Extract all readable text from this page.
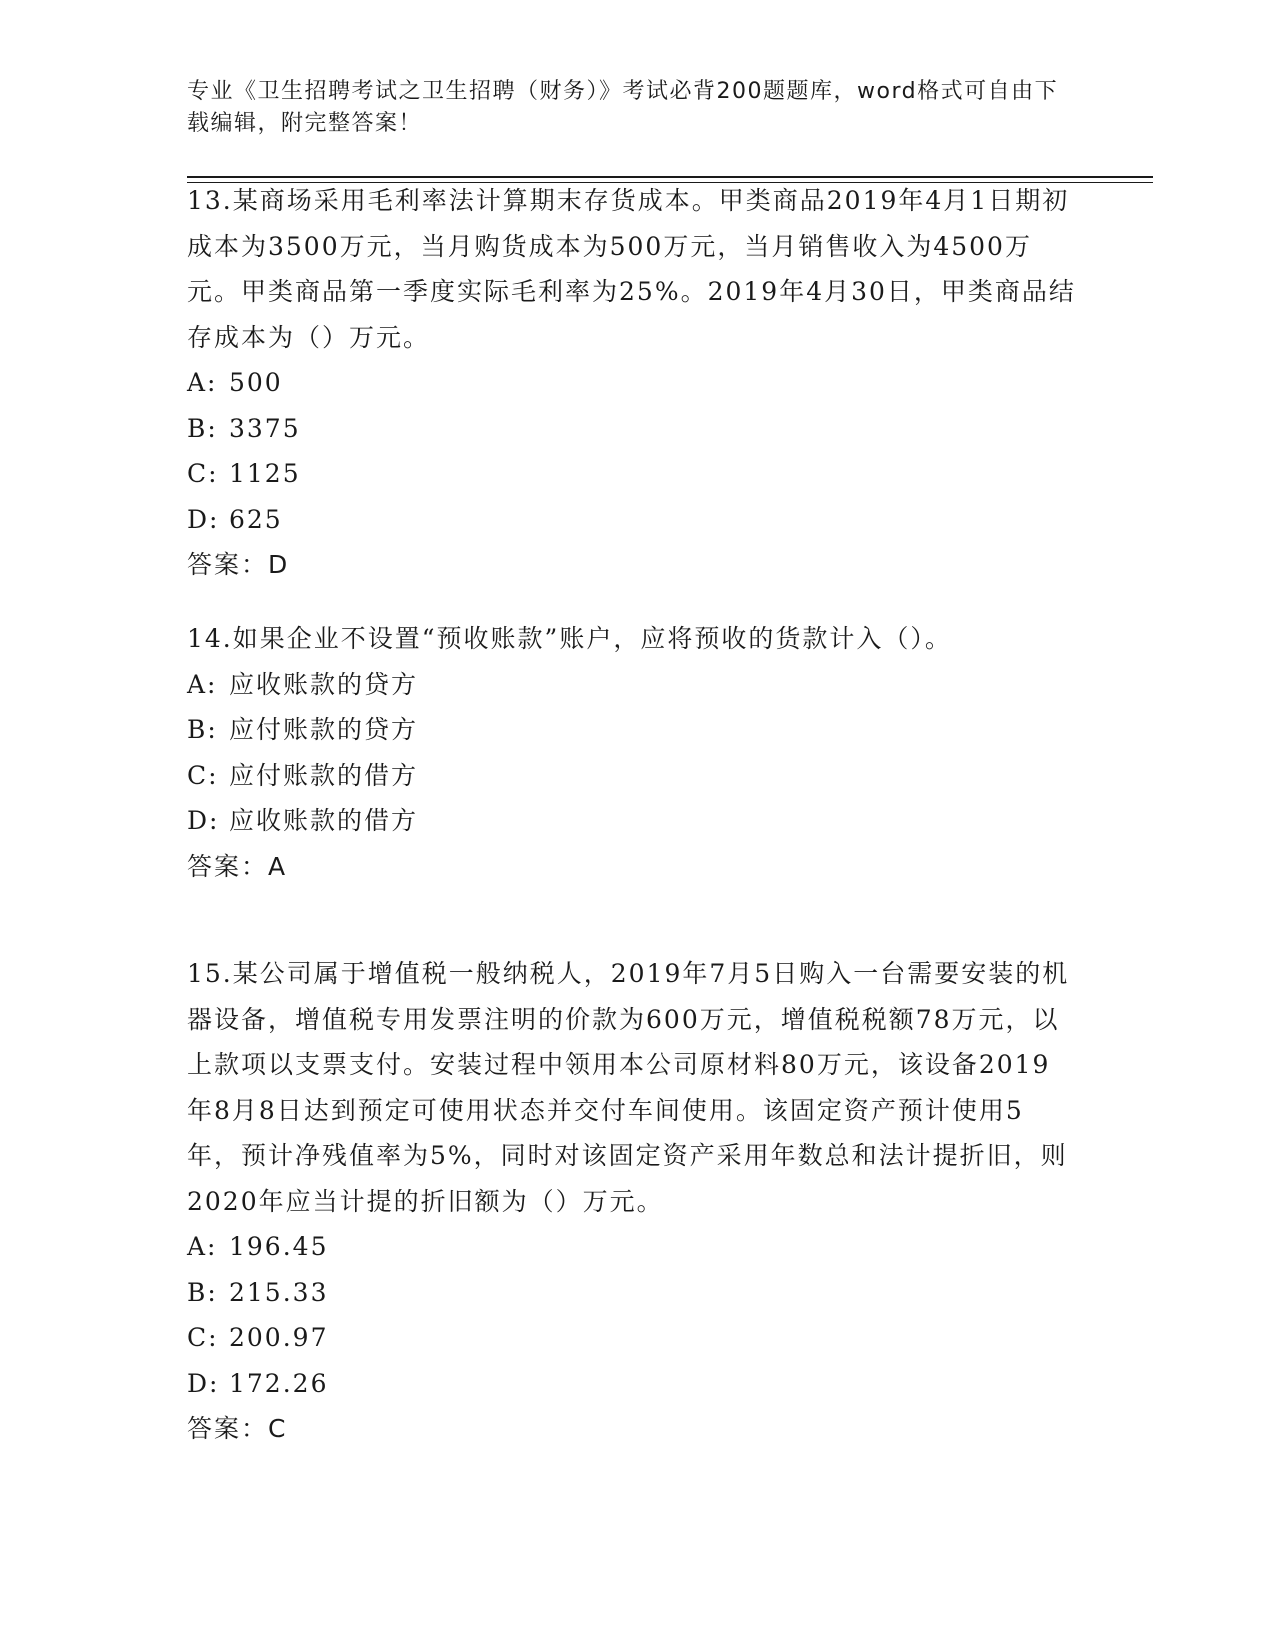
专业《卫生招聘考试之卫生招聘（财务）》考试必背200题题库，word格式可自由下载编辑，附完整答案！

13.某商场采用毛利率法计算期末存货成本。甲类商品2019年4月1日期初成本为3500万元，当月购货成本为500万元，当月销售收入为4500万元。甲类商品第一季度实际毛利率为25%。2019年4月30日，甲类商品结存成本为（）万元。

A: 500

B: 3375

C: 1125

D: 625

答案：D

14.如果企业不设置“预收账款”账户，应将预收的货款计入（）。

A: 应收账款的贷方

B: 应付账款的贷方

C: 应付账款的借方

D: 应收账款的借方

答案：A

15.某公司属于增值税一般纳税人，2019年7月5日购入一台需要安装的机器设备，增值税专用发票注明的价款为600万元，增值税税额78万元，以上款项以支票支付。安装过程中领用本公司原材料80万元，该设备2019年8月8日达到预定可使用状态并交付车间使用。该固定资产预计使用5年，预计净残值率为5%，同时对该固定资产采用年数总和法计提折旧，则2020年应当计提的折旧额为（）万元。

A: 196.45

B: 215.33

C: 200.97

D: 172.26

答案：C
